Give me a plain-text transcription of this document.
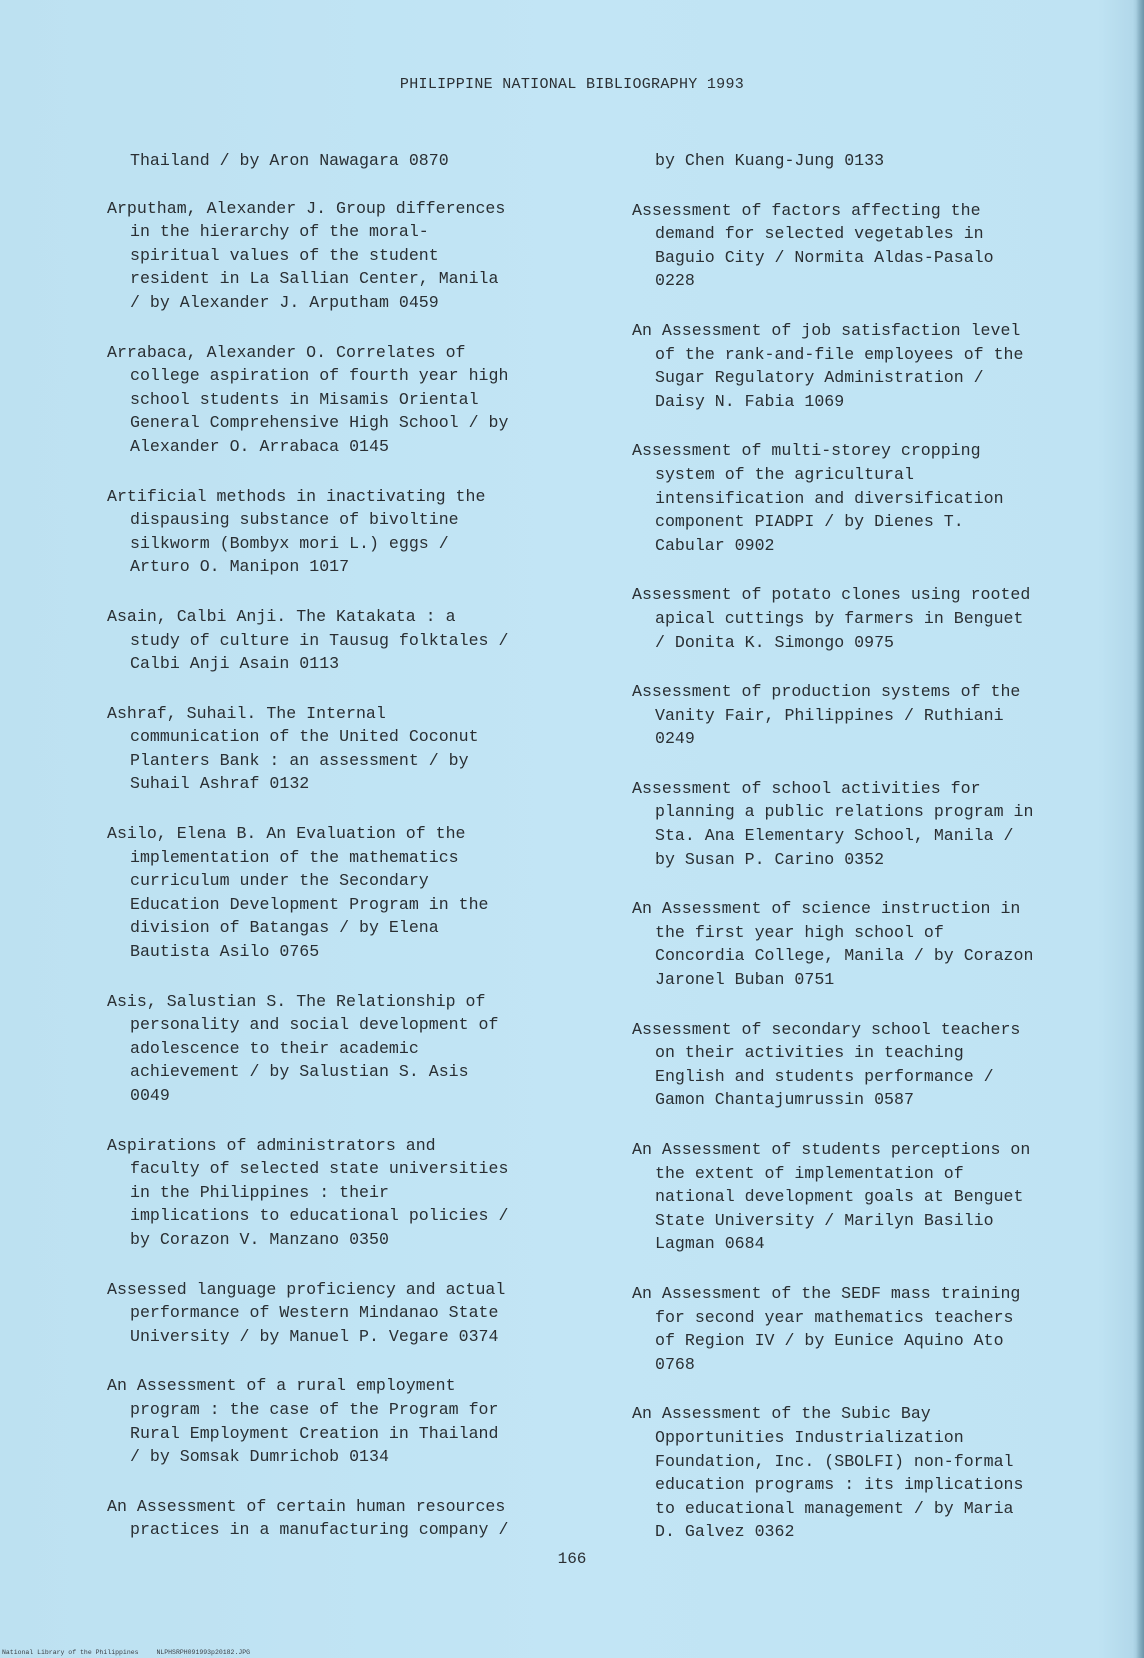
PHILIPPINE NATIONAL BIBLIOGRAPHY 1993
Thailand / by Aron Nawagara 0870
Arputham, Alexander J. Group differences
in the hierarchy of the moral-
spiritual values of the student
resident in La Sallian Center, Manila
/ by Alexander J. Arputham 0459
Arrabaca, Alexander O. Correlates of
college aspiration of fourth year high
school students in Misamis Oriental
General Comprehensive High School / by
Alexander O. Arrabaca 0145
Artificial methods in inactivating the
dispausing substance of bivoltine
silkworm (Bombyx mori L.) eggs /
Arturo O. Manipon 1017
Asain, Calbi Anji. The Katakata : a
study of culture in Tausug folktales /
Calbi Anji Asain 0113
Ashraf, Suhail. The Internal
communication of the United Coconut
Planters Bank : an assessment / by
Suhail Ashraf 0132
Asilo, Elena B. An Evaluation of the
implementation of the mathematics
curriculum under the Secondary
Education Development Program in the
division of Batangas / by Elena
Bautista Asilo 0765
Asis, Salustian S. The Relationship of
personality and social development of
adolescence to their academic
achievement / by Salustian S. Asis
0049
Aspirations of administrators and
faculty of selected state universities
in the Philippines : their
implications to educational policies /
by Corazon V. Manzano 0350
Assessed language proficiency and actual
performance of Western Mindanao State
University / by Manuel P. Vegare 0374
An Assessment of a rural employment
program : the case of the Program for
Rural Employment Creation in Thailand
/ by Somsak Dumrichob 0134
An Assessment of certain human resources
practices in a manufacturing company /
by Chen Kuang-Jung 0133
Assessment of factors affecting the
demand for selected vegetables in
Baguio City / Normita Aldas-Pasalo
0228
An Assessment of job satisfaction level
of the rank-and-file employees of the
Sugar Regulatory Administration /
Daisy N. Fabia 1069
Assessment of multi-storey cropping
system of the agricultural
intensification and diversification
component PIADPI / by Dienes T.
Cabular 0902
Assessment of potato clones using rooted
apical cuttings by farmers in Benguet
/ Donita K. Simongo 0975
Assessment of production systems of the
Vanity Fair, Philippines / Ruthiani
0249
Assessment of school activities for
planning a public relations program in
Sta. Ana Elementary School, Manila /
by Susan P. Carino 0352
An Assessment of science instruction in
the first year high school of
Concordia College, Manila / by Corazon
Jaronel Buban 0751
Assessment of secondary school teachers
on their activities in teaching
English and students performance /
Gamon Chantajumrussin 0587
An Assessment of students perceptions on
the extent of implementation of
national development goals at Benguet
State University / Marilyn Basilio
Lagman 0684
An Assessment of the SEDF mass training
for second year mathematics teachers
of Region IV / by Eunice Aquino Ato
0768
An Assessment of the Subic Bay
Opportunities Industrialization
Foundation, Inc. (SBOLFI) non-formal
education programs : its implications
to educational management / by Maria
D. Galvez 0362
166
National Library of the Philippines	NLPHSRPH091993p20182.JPG
